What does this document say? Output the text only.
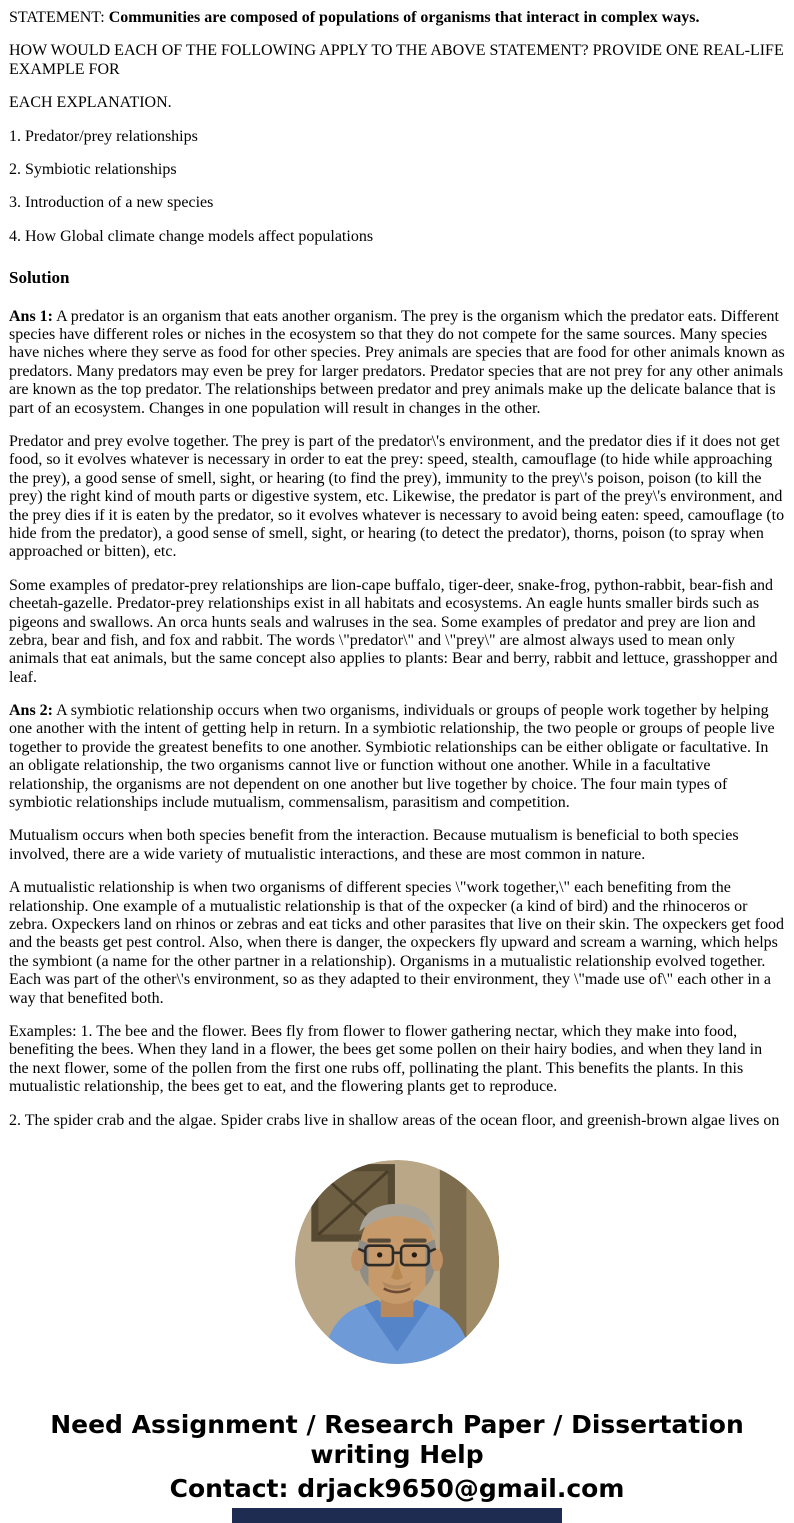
STATEMENT: Communities are composed of populations of organisms that interact in complex ways.

HOW WOULD EACH OF THE FOLLOWING APPLY TO THE ABOVE STATEMENT? PROVIDE ONE REAL-LIFE EXAMPLE FOR

EACH EXPLANATION.

1. Predator/prey relationships

2. Symbiotic relationships

3. Introduction of a new species

4. How Global climate change models affect populations

Solution

Ans 1: A predator is an organism that eats another organism. The prey is the organism which the predator eats. Different species have different roles or niches in the ecosystem so that they do not compete for the same sources. Many species have niches where they serve as food for other species. Prey animals are species that are food for other animals known as predators. Many predators may even be prey for larger predators. Predator species that are not prey for any other animals are known as the top predator. The relationships between predator and prey animals make up the delicate balance that is part of an ecosystem. Changes in one population will result in changes in the other.

Predator and prey evolve together. The prey is part of the predator\'s environment, and the predator dies if it does not get food, so it evolves whatever is necessary in order to eat the prey: speed, stealth, camouflage (to hide while approaching the prey), a good sense of smell, sight, or hearing (to find the prey), immunity to the prey\'s poison, poison (to kill the prey) the right kind of mouth parts or digestive system, etc. Likewise, the predator is part of the prey\'s environment, and the prey dies if it is eaten by the predator, so it evolves whatever is necessary to avoid being eaten: speed, camouflage (to hide from the predator), a good sense of smell, sight, or hearing (to detect the predator), thorns, poison (to spray when approached or bitten), etc.

Some examples of predator-prey relationships are lion-cape buffalo, tiger-deer, snake-frog, python-rabbit, bear-fish and cheetah-gazelle. Predator-prey relationships exist in all habitats and ecosystems. An eagle hunts smaller birds such as pigeons and swallows. An orca hunts seals and walruses in the sea. Some examples of predator and prey are lion and zebra, bear and fish, and fox and rabbit. The words \"predator\" and \"prey\" are almost always used to mean only animals that eat animals, but the same concept also applies to plants: Bear and berry, rabbit and lettuce, grasshopper and leaf.

Ans 2: A symbiotic relationship occurs when two organisms, individuals or groups of people work together by helping one another with the intent of getting help in return. In a symbiotic relationship, the two people or groups of people live together to provide the greatest benefits to one another. Symbiotic relationships can be either obligate or facultative. In an obligate relationship, the two organisms cannot live or function without one another. While in a facultative relationship, the organisms are not dependent on one another but live together by choice. The four main types of symbiotic relationships include mutualism, commensalism, parasitism and competition.

Mutualism occurs when both species benefit from the interaction. Because mutualism is beneficial to both species involved, there are a wide variety of mutualistic interactions, and these are most common in nature.

A mutualistic relationship is when two organisms of different species \"work together,\" each benefiting from the relationship. One example of a mutualistic relationship is that of the oxpecker (a kind of bird) and the rhinoceros or zebra. Oxpeckers land on rhinos or zebras and eat ticks and other parasites that live on their skin. The oxpeckers get food and the beasts get pest control. Also, when there is danger, the oxpeckers fly upward and scream a warning, which helps the symbiont (a name for the other partner in a relationship). Organisms in a mutualistic relationship evolved together. Each was part of the other\'s environment, so as they adapted to their environment, they \"made use of\" each other in a way that benefited both.

Examples: 1. The bee and the flower. Bees fly from flower to flower gathering nectar, which they make into food, benefiting the bees. When they land in a flower, the bees get some pollen on their hairy bodies, and when they land in the next flower, some of the pollen from the first one rubs off, pollinating the plant. This benefits the plants. In this mutualistic relationship, the bees get to eat, and the flowering plants get to reproduce.

2. The spider crab and the algae. Spider crabs live in shallow areas of the ocean floor, and greenish-brown algae lives on

Need Assignment / Research Paper / Dissertation writing Help
Contact: drjack9650@gmail.com
